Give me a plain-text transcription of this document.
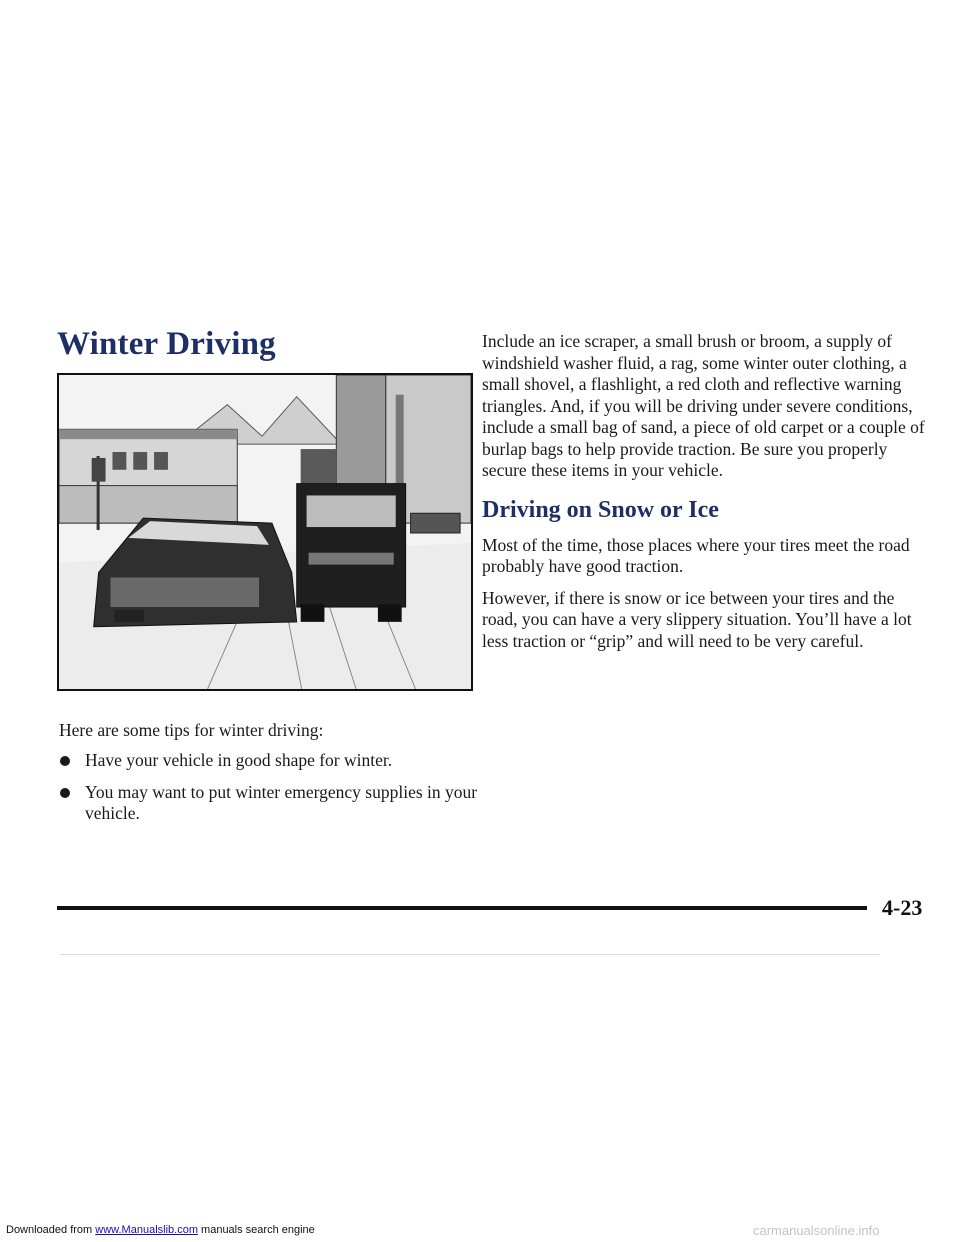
Winter Driving

Here are some tips for winter driving:

Have your vehicle in good shape for winter.
You may want to put winter emergency supplies in your vehicle.

Include an ice scraper, a small brush or broom, a supply of windshield washer fluid, a rag, some winter outer clothing, a small shovel, a flashlight, a red cloth and reflective warning triangles. And, if you will be driving under severe conditions, include a small bag of sand, a piece of old carpet or a couple of burlap bags to help provide traction. Be sure you properly secure these items in your vehicle.

Driving on Snow or Ice

Most of the time, those places where your tires meet the road probably have good traction.

However, if there is snow or ice between your tires and the road, you can have a very slippery situation. You’ll have a lot less traction or “grip” and will need to be very careful.

4-23
Downloaded from www.Manualslib.com manuals search engine	carmanualsonline.info
